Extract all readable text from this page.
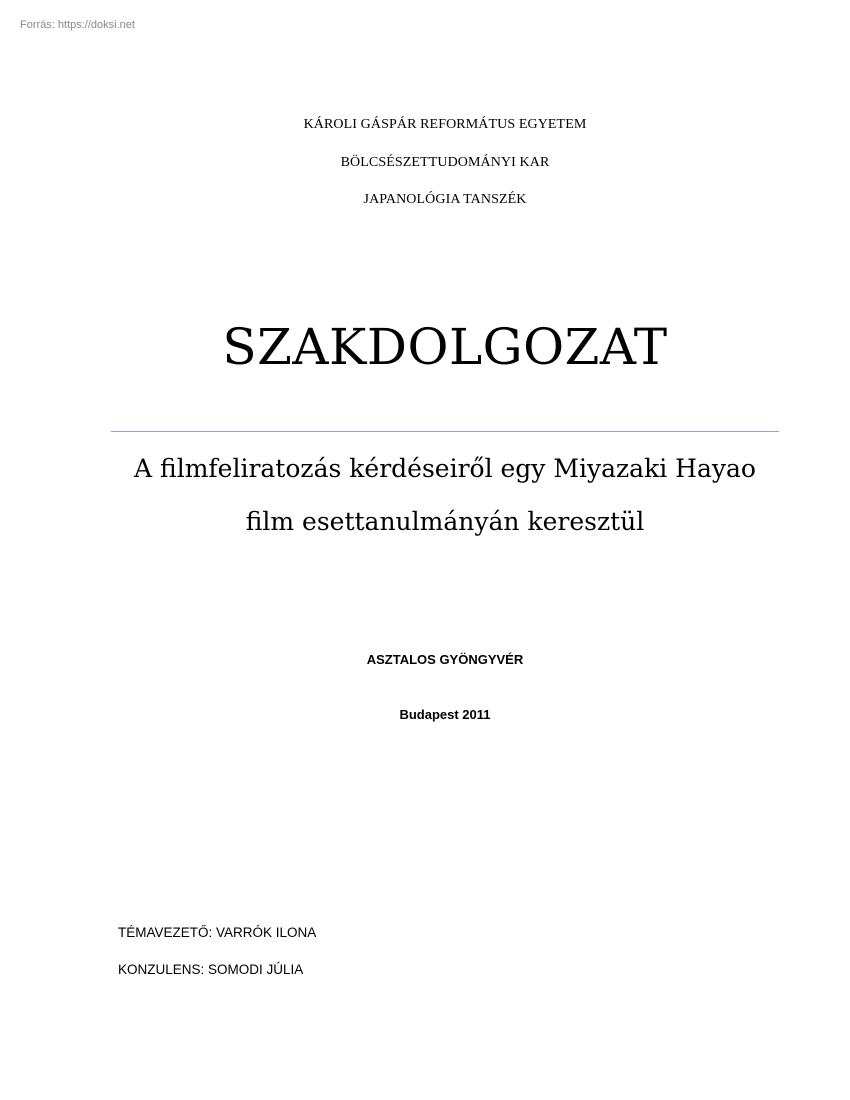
Forrás: https://doksi.net
KÁROLI GÁSPÁR REFORMÁTUS EGYETEM
BÖLCSÉSZETTUDOMÁNYI KAR
JAPANOLÓGIA TANSZÉK
SZAKDOLGOZAT
A filmfeliratozás kérdéseiről egy Miyazaki Hayao
film esettanulmányán keresztül
ASZTALOS GYÖNGYVÉR
Budapest 2011
TÉMAVEZETŐ: VARRÓK ILONA
KONZULENS: SOMODI JÚLIA
